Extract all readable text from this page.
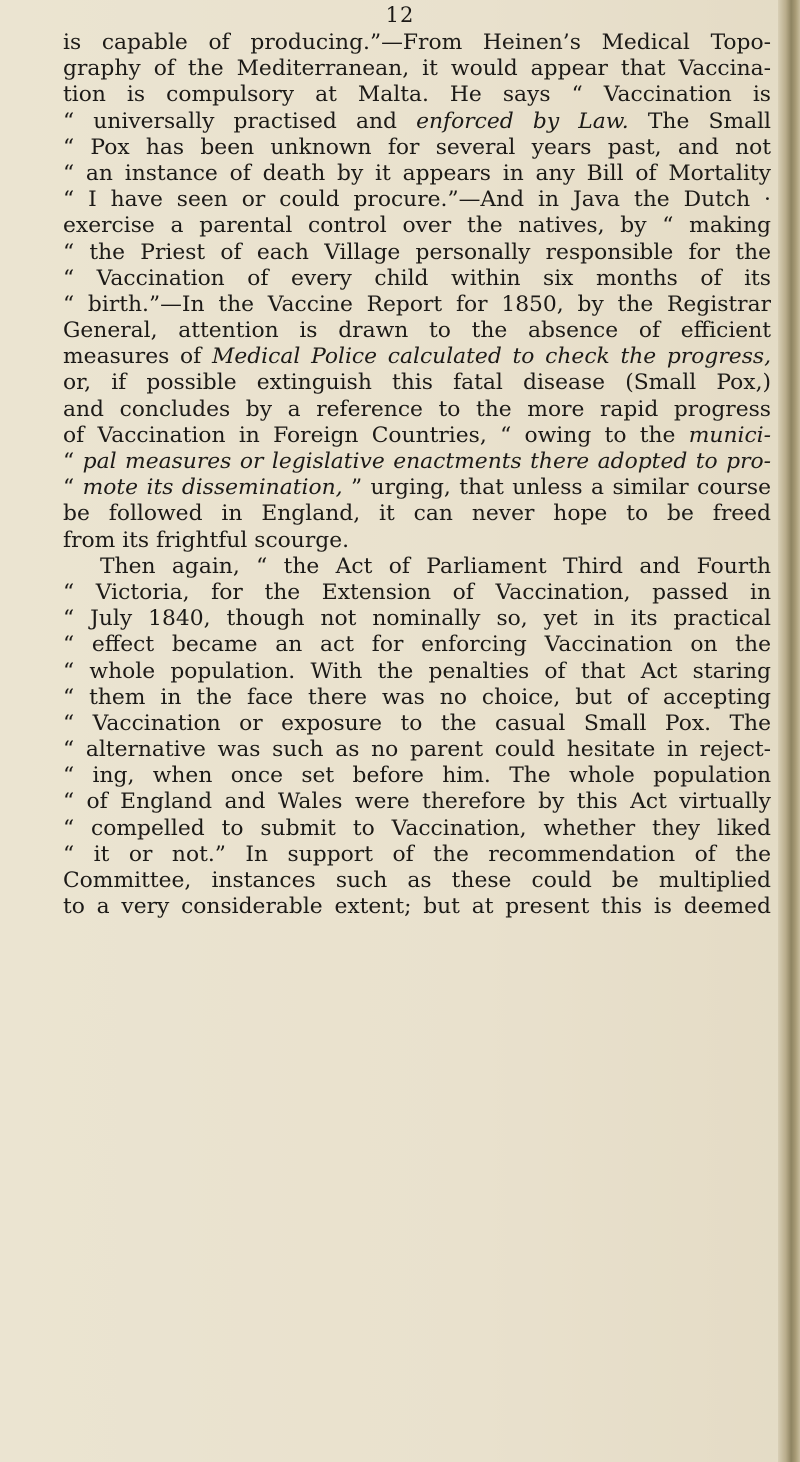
12
is capable of producing.”—From Heinen’s Medical Topo-
graphy of the Mediterranean, it would appear that Vaccina-
tion is compulsory at Malta. He says “ Vaccination is
“ universally practised and enforced by Law. The Small
“ Pox has been unknown for several years past, and not
“ an instance of death by it appears in any Bill of Mortality
“ I have seen or could procure.”—And in Java the Dutch ·
exercise a parental control over the natives, by “ making
“ the Priest of each Village personally responsible for the
“ Vaccination of every child within six months of its
“ birth.”—In the Vaccine Report for 1850, by the Registrar
General, attention is drawn to the absence of efficient
measures of Medical Police calculated to check the progress,
or, if possible extinguish this fatal disease (Small Pox,)
and concludes by a reference to the more rapid progress
of Vaccination in Foreign Countries, “ owing to the munici-
“ pal measures or legislative enactments there adopted to pro-
“ mote its dissemination, ” urging, that unless a similar course
be followed in England, it can never hope to be freed
from its frightful scourge.
Then again, “ the Act of Parliament Third and Fourth
“ Victoria, for the Extension of Vaccination, passed in
“ July 1840, though not nominally so, yet in its practical
“ effect became an act for enforcing Vaccination on the
“ whole population. With the penalties of that Act staring
“ them in the face there was no choice, but of accepting
“ Vaccination or exposure to the casual Small Pox. The
“ alternative was such as no parent could hesitate in reject-
“ ing, when once set before him. The whole population
“ of England and Wales were therefore by this Act virtually
“ compelled to submit to Vaccination, whether they liked
“ it or not.” In support of the recommendation of the
Committee, instances such as these could be multiplied
to a very considerable extent; but at present this is deemed
